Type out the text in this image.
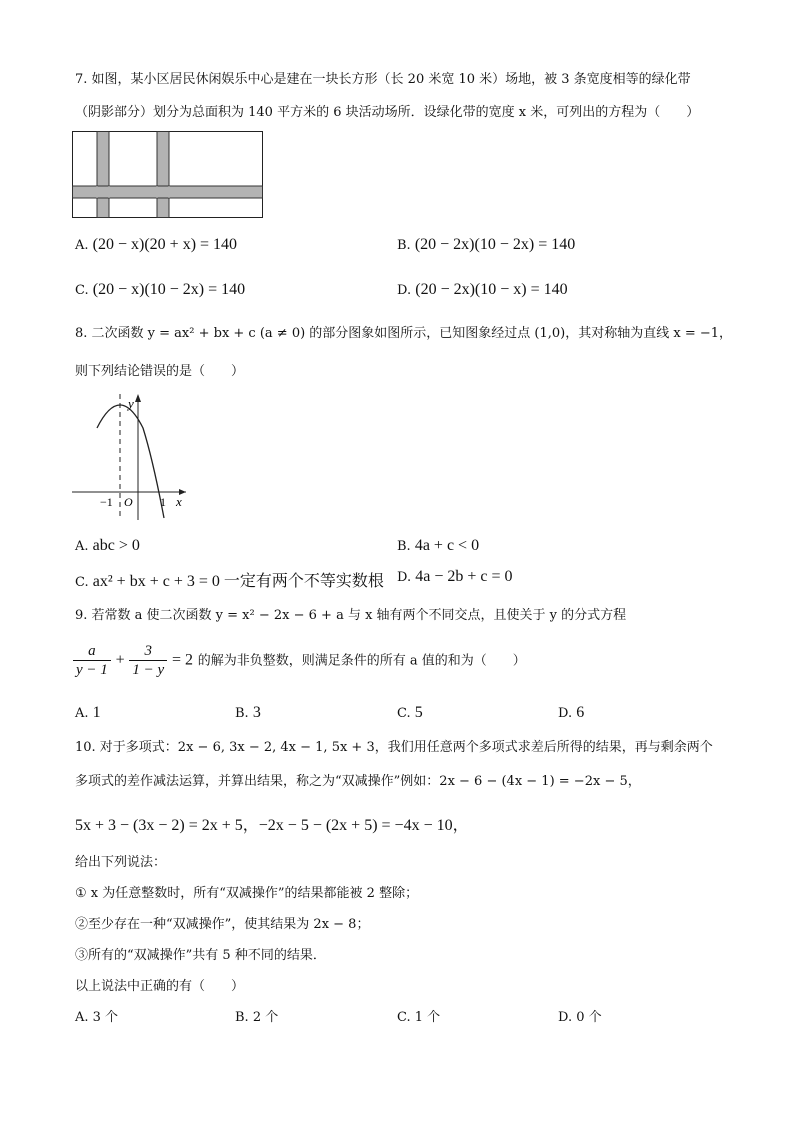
7. 如图，某小区居民休闲娱乐中心是建在一块长方形（长 20 米宽 10 米）场地，被 3 条宽度相等的绿化带
（阴影部分）划分为总面积为 140 平方米的 6 块活动场所．设绿化带的宽度 x 米，可列出的方程为（　　）
A. (20 − x)(20 + x) = 140	B. (20 − 2x)(10 − 2x) = 140
C. (20 − x)(10 − 2x) = 140	D. (20 − 2x)(10 − x) = 140
8. 二次函数 y = ax² + bx + c (a ≠ 0) 的部分图象如图所示，已知图象经过点 (1,0)，其对称轴为直线 x = −1，
则下列结论错误的是（　　）
y
x
−1 O 1
A. abc > 0	B. 4a + c < 0
C. ax² + bx + c + 3 = 0 一定有两个不等实数根 D. 4a − 2b + c = 0
9. 若常数 a 使二次函数 y = x² − 2x − 6 + a 与 x 轴有两个不同交点，且使关于 y 的分式方程
$\frac{a}{y - 1} + \frac{3}{1 - y} = 2$ 的解为非负整数，则满足条件的所有 a 值的和为（　　）
A. 1	B. 3	C. 5	D. 6
10. 对于多项式：2x − 6, 3x − 2, 4x − 1, 5x + 3，我们用任意两个多项式求差后所得的结果，再与剩余两个
多项式的差作减法运算，并算出结果，称之为“双减操作”例如：2x − 6 − (4x − 1) = −2x − 5，
5x + 3 − (3x − 2) = 2x + 5，−2x − 5 − (2x + 5) = −4x − 10，
给出下列说法：
① x 为任意整数时，所有“双减操作”的结果都能被 2 整除；
②至少存在一种“双减操作”，使其结果为 2x − 8；
③所有的“双减操作”共有 5 种不同的结果．
以上说法中正确的有（　　）
A. 3 个	B. 2 个	C. 1 个	D. 0 个
